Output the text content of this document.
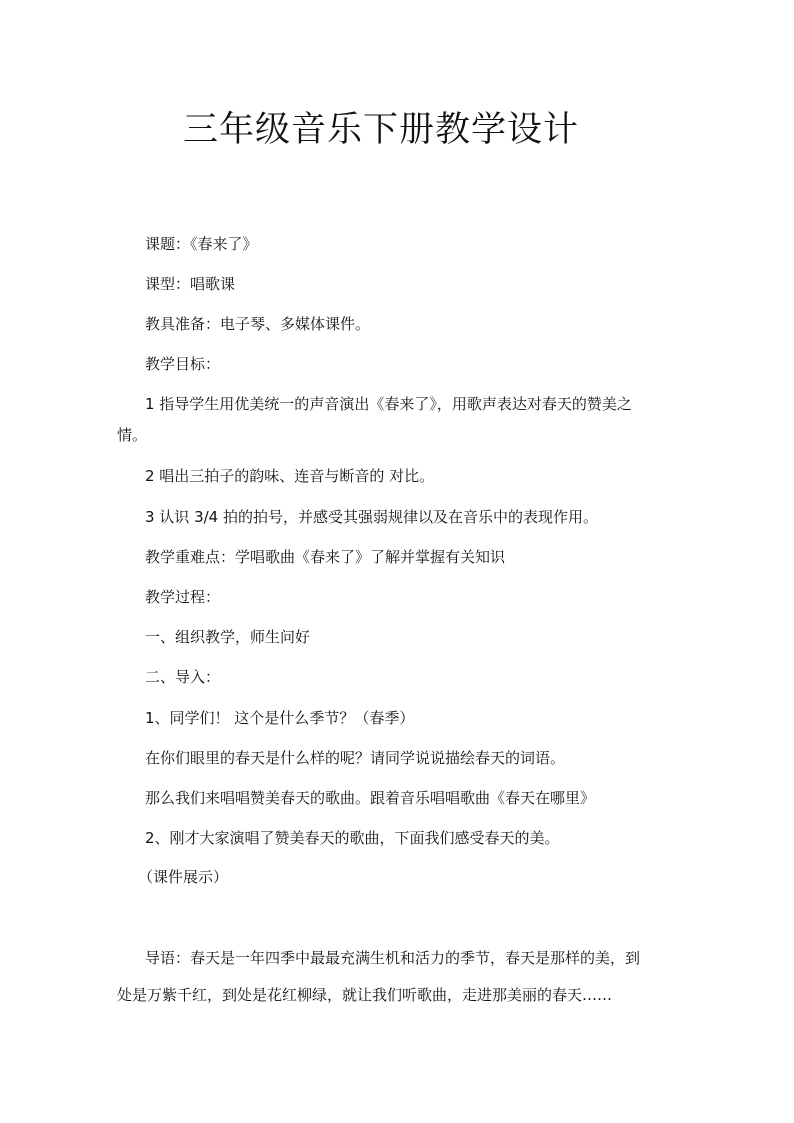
三年级音乐下册教学设计
课题：《春来了》
课型：唱歌课
教具准备：电子琴、多媒体课件。
教学目标：
1 指导学生用优美统一的声音演出《春来了》，用歌声表达对春天的赞美之
情。
2 唱出三拍子的韵味、连音与断音的 对比。
3 认识 3/4 拍的拍号，并感受其强弱规律以及在音乐中的表现作用。
教学重难点：学唱歌曲《春来了》了解并掌握有关知识
教学过程：
一、组织教学，师生问好
二、导入：
1、同学们！ 这个是什么季节？（春季）
在你们眼里的春天是什么样的呢？请同学说说描绘春天的词语。
那么我们来唱唱赞美春天的歌曲。跟着音乐唱唱歌曲《春天在哪里》
2、刚才大家演唱了赞美春天的歌曲，下面我们感受春天的美。
（课件展示）
导语：春天是一年四季中最最充满生机和活力的季节，春天是那样的美，到
处是万紫千红，到处是花红柳绿，就让我们听歌曲，走进那美丽的春天……
